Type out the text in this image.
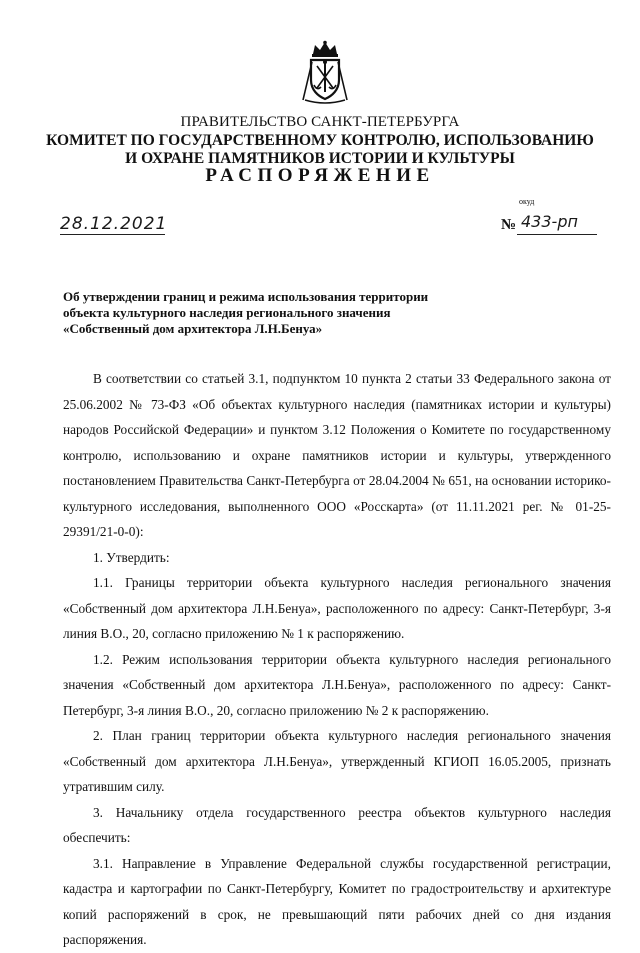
ПРАВИТЕЛЬСТВО САНКТ-ПЕТЕРБУРГА
КОМИТЕТ ПО ГОСУДАРСТВЕННОМУ КОНТРОЛЮ, ИСПОЛЬЗОВАНИЮ
И ОХРАНЕ ПАМЯТНИКОВ ИСТОРИИ И КУЛЬТУРЫ
РАСПОРЯЖЕНИЕ
окуд
28.12.2021	№ 433-рп
Об утверждении границ и режима использования территории
объекта культурного наследия регионального значения
«Собственный дом архитектора Л.Н.Бенуа»

В соответствии со статьей 3.1, подпунктом 10 пункта 2 статьи 33 Федерального закона от 25.06.2002 № 73-ФЗ «Об объектах культурного наследия (памятниках истории и культуры) народов Российской Федерации» и пунктом 3.12 Положения о Комитете по государственному контролю, использованию и охране памятников истории и культуры, утвержденного постановлением Правительства Санкт-Петербурга от 28.04.2004 № 651, на основании историко-культурного исследования, выполненного ООО «Росскарта» (от 11.11.2021 рег. № 01-25-29391/21-0-0):

1. Утвердить:

1.1. Границы территории объекта культурного наследия регионального значения «Собственный дом архитектора Л.Н.Бенуа», расположенного по адресу: Санкт-Петербург, 3-я линия В.О., 20, согласно приложению № 1 к распоряжению.

1.2. Режим использования территории объекта культурного наследия регионального значения «Собственный дом архитектора Л.Н.Бенуа», расположенного по адресу: Санкт-Петербург, 3-я линия В.О., 20, согласно приложению № 2 к распоряжению.

2. План границ территории объекта культурного наследия регионального значения «Собственный дом архитектора Л.Н.Бенуа», утвержденный КГИОП 16.05.2005, признать утратившим силу.

3. Начальнику отдела государственного реестра объектов культурного наследия обеспечить:

3.1. Направление в Управление Федеральной службы государственной регистрации, кадастра и картографии по Санкт-Петербургу, Комитет по градостроительству и архитектуре копий распоряжений в срок, не превышающий пяти рабочих дней со дня издания распоряжения.
